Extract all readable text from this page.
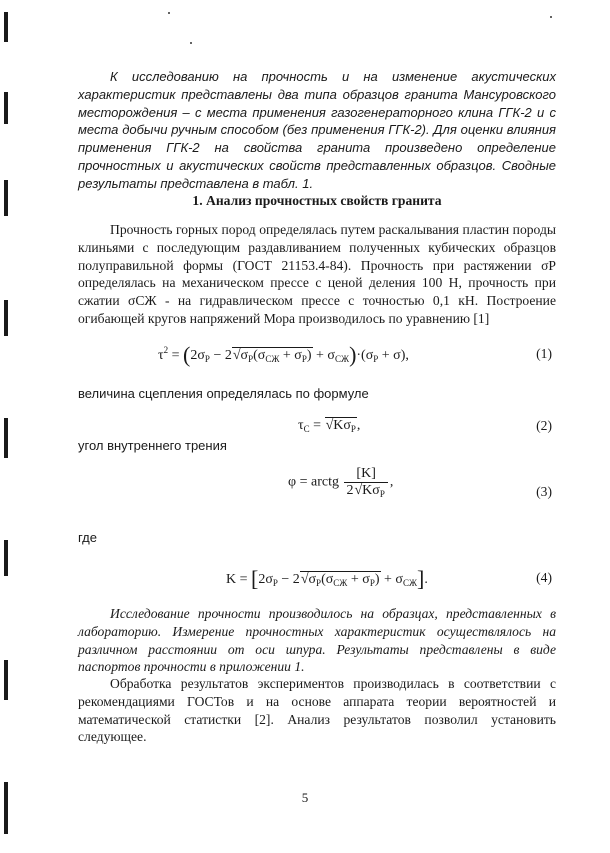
К исследованию на прочность и на изменение акустических характеристик представлены два типа образцов гранита Мансуровского месторождения – с места применения газогенераторного клина ГГК-2 и с места добычи ручным способом (без применения ГГК-2). Для оценки влияния применения ГГК-2 на свойства гранита произведено определение прочностных и акустических свойств представленных образцов. Сводные результаты представлена в табл. 1.

1. Анализ прочностных свойств гранита

Прочность горных пород определялась путем раскалывания пластин породы клиньями с последующим раздавливанием полученных кубических образцов полуправильной формы (ГОСТ 21153.4-84). Прочность при растяжении σР определялась на механическом прессе с ценой деления 100 Н, прочность при сжатии σСЖ - на гидравлическом прессе с точностью 0,1 кН. Построение огибающей кругов напряжений Мора производилось по уравнению [1]

$\tau^2 = (2\sigma_Р - 2√\sigma_Р(\sigma_{СЖ} + \sigma_Р) + \sigma_{СЖ})\cdot(\sigma_Р + \sigma)$,	(1)
величина сцепления определялась по формуле
$\tau_С = √K\sigma_Р$,	(2)
угол внутреннего трения
φ = arctg $\frac{[K]}{2√K\sigma_Р}$ ,
(3)
где
$K = [2\sigma_Р - 2√\sigma_Р(\sigma_{СЖ} + \sigma_Р) + \sigma_{СЖ}]$.	(4)

Исследование прочности производилось на образцах, представленных в лабораторию. Измерение прочностных характеристик осуществлялось на различном расстоянии от оси шпура. Результаты представлены в виде паспортов прочности в приложении 1.

Обработка результатов экспериментов производилась в соответствии с рекомендациями ГОСТов и на основе аппарата теории вероятностей и математической статистки [2]. Анализ результатов позволил установить следующее.

5
